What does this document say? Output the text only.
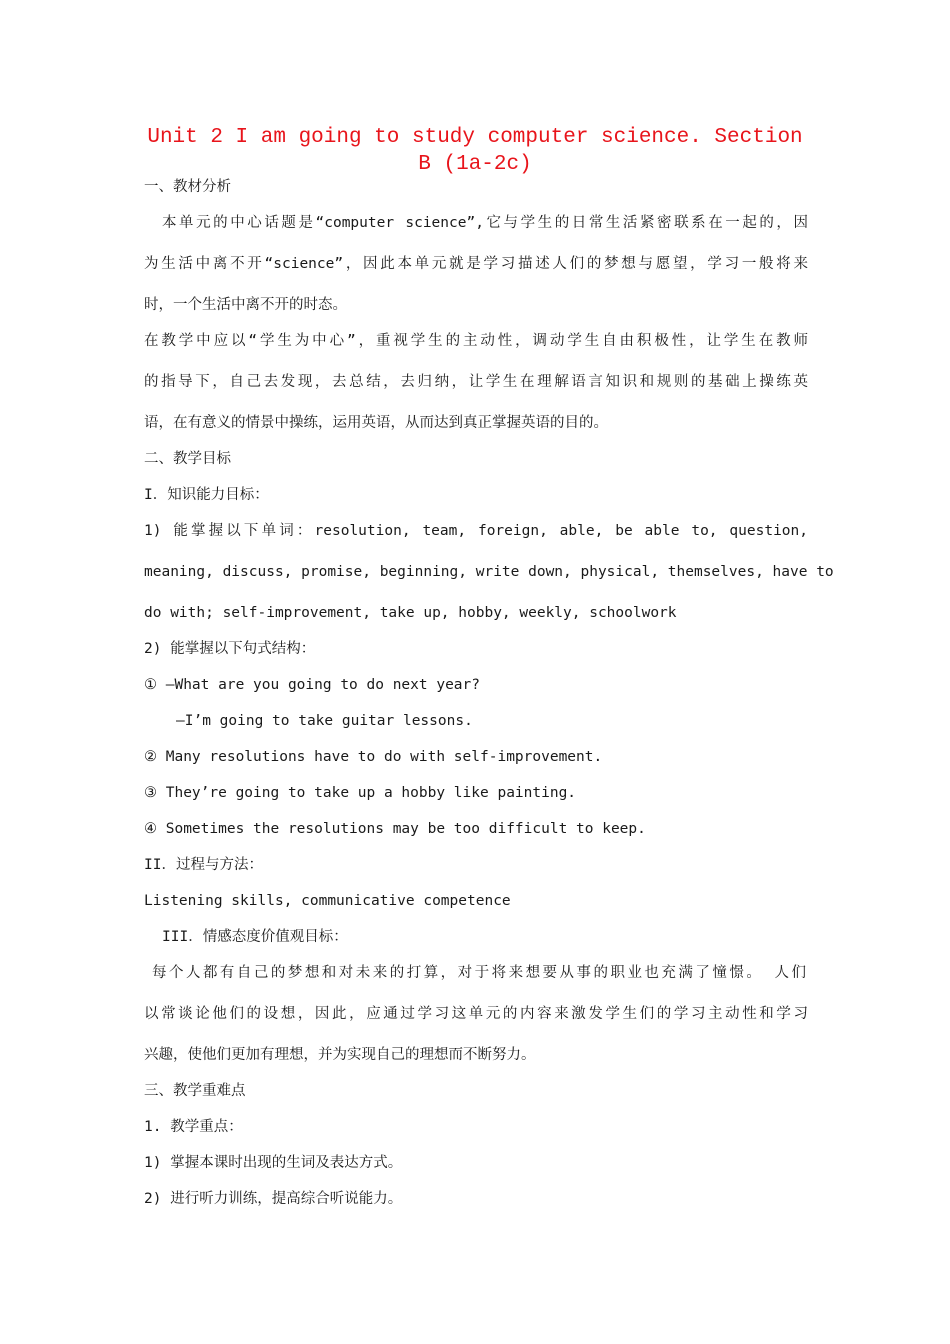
Unit 2 I am going to study computer science. Section B (1a-2c)

一、教材分析

本单元的中心话题是“computer science”,它与学生的日常生活紧密联系在一起的，因

为生活中离不开“science”，因此本单元就是学习描述人们的梦想与愿望，学习一般将来

时，一个生活中离不开的时态。

在教学中应以“学生为中心”，重视学生的主动性，调动学生自由积极性，让学生在教师

的指导下，自己去发现，去总结，去归纳，让学生在理解语言知识和规则的基础上操练英

语，在有意义的情景中操练，运用英语，从而达到真正掌握英语的目的。

二、教学目标

I．知识能力目标：

1) 能掌握以下单词：resolution, team, foreign, able, be able to, question,

meaning, discuss, promise, beginning, write down, physical, themselves, have to

do with; self-improvement, take up, hobby, weekly, schoolwork

2) 能掌握以下句式结构：

① —What are you going to do next year?

—I’m going to take guitar lessons.

② Many resolutions have to do with self-improvement.

③ They’re going to take up a hobby like painting.

④ Sometimes the resolutions may be too difficult to keep.

II．过程与方法：

Listening skills, communicative competence

III．情感态度价值观目标：

每个人都有自己的梦想和对未来的打算，对于将来想要从事的职业也充满了憧憬。 人们

以常谈论他们的设想，因此，应通过学习这单元的内容来激发学生们的学习主动性和学习

兴趣，使他们更加有理想，并为实现自己的理想而不断努力。

三、教学重难点

1. 教学重点：

1) 掌握本课时出现的生词及表达方式。

2) 进行听力训练，提高综合听说能力。
